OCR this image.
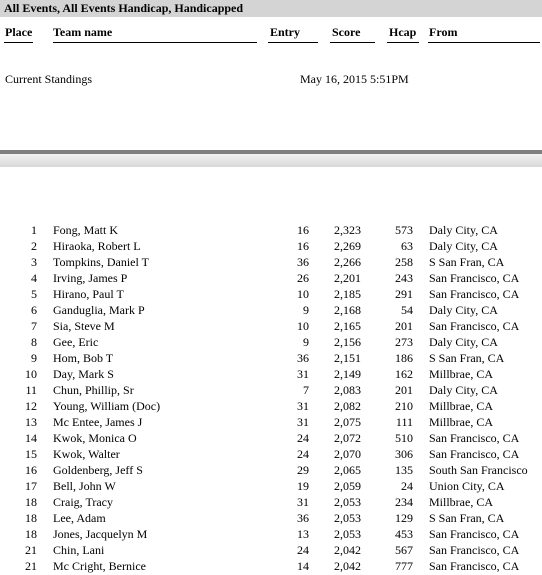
All Events, All Events Handicap, Handicapped
Place Team name	Entry	Score Hcap From
Current Standings	May 16, 2015 5:51PM
1 Fong, Matt K	16 2,323	573 Daly City, CA
2 Hiraoka, Robert L	16 2,269	63 Daly City, CA
3 Tompkins, Daniel T	36 2,266	258 S San Fran, CA
4 Irving, James P	26 2,201	243 San Francisco, CA
5 Hirano, Paul T	10 2,185	291 San Francisco, CA
6 Ganduglia, Mark P	9 2,168	54 Daly City, CA
7 Sia, Steve M	10 2,165	201 San Francisco, CA
8 Gee, Eric	9 2,156	273 Daly City, CA
9 Hom, Bob T	36 2,151	186 S San Fran, CA
10 Day, Mark S	31 2,149	162 Millbrae, CA
11 Chun, Phillip, Sr	7 2,083	201 Daly City, CA
12 Young, William (Doc)	31 2,082	210 Millbrae, CA
13 Mc Entee, James J	31 2,075	111 Millbrae, CA
14 Kwok, Monica O	24 2,072	510 San Francisco, CA
15 Kwok, Walter	24 2,070	306 San Francisco, CA
16 Goldenberg, Jeff S	29 2,065	135 South San Francisco
17 Bell, John W	19 2,059	24 Union City, CA
18 Craig, Tracy	31 2,053	234 Millbrae, CA
18 Lee, Adam	36 2,053	129 S San Fran, CA
18 Jones, Jacquelyn M	13 2,053	453 San Francisco, CA
21 Chin, Lani	24 2,042	567 San Francisco, CA
21 Mc Cright, Bernice	14 2,042	777 San Francisco, CA
